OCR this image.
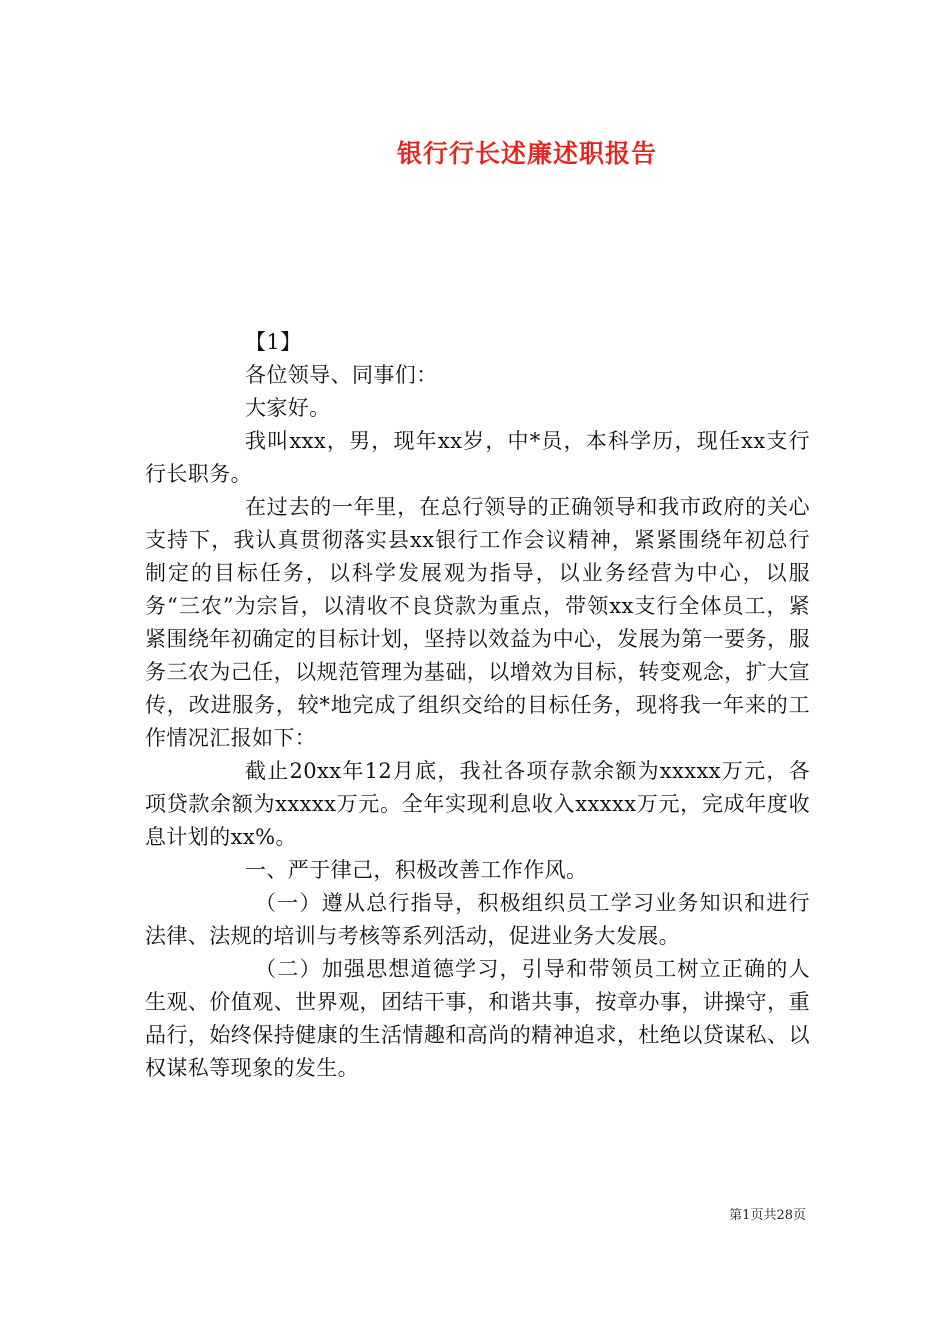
银行行长述廉述职报告

【1】

各位领导、同事们：

大家好。

我叫xxx，男，现年xx岁，中*员，本科学历，现任xx支行行长职务。

在过去的一年里，在总行领导的正确领导和我市政府的关心支持下，我认真贯彻落实县xx银行工作会议精神，紧紧围绕年初总行制定的目标任务，以科学发展观为指导，以业务经营为中心，以服务“三农”为宗旨，以清收不良贷款为重点，带领xx支行全体员工，紧紧围绕年初确定的目标计划，坚持以效益为中心，发展为第一要务，服务三农为己任，以规范管理为基础，以增效为目标，转变观念，扩大宣传，改进服务，较*地完成了组织交给的目标任务，现将我一年来的工作情况汇报如下：

截止20xx年12月底，我社各项存款余额为xxxxx万元，各项贷款余额为xxxxx万元。全年实现利息收入xxxxx万元，完成年度收息计划的xx%。

一、严于律己，积极改善工作作风。

（一）遵从总行指导，积极组织员工学习业务知识和进行法律、法规的培训与考核等系列活动，促进业务大发展。

（二）加强思想道德学习，引导和带领员工树立正确的人生观、价值观、世界观，团结干事，和谐共事，按章办事，讲操守，重品行，始终保持健康的生活情趣和高尚的精神追求，杜绝以贷谋私、以权谋私等现象的发生。

第1页共28页
